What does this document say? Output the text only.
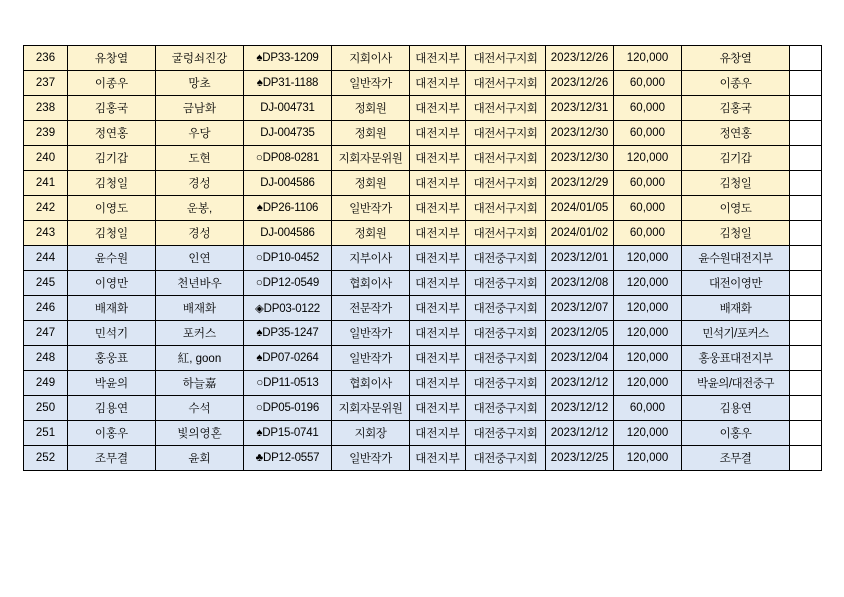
236	유창열	굴렁쇠진강	♠DP33-1209	지회이사	대전지부	대전서구지회	2023/12/26	120,000	유창열	
237	이종우	망초	♠DP31-1188	일반작가	대전지부	대전서구지회	2023/12/26	60,000	이종우	
238	김홍국	금남화	DJ-004731	정회원	대전지부	대전서구지회	2023/12/31	60,000	김홍국	
239	정연홍	우당	DJ-004735	정회원	대전지부	대전서구지회	2023/12/30	60,000	정연홍	
240	김기갑	도현	○DP08-0281	지회자문위원	대전지부	대전서구지회	2023/12/30	120,000	김기갑	
241	김청일	경성	DJ-004586	정회원	대전지부	대전서구지회	2023/12/29	60,000	김청일	
242	이영도	운봉,	♠DP26-1106	일반작가	대전지부	대전서구지회	2024/01/05	60,000	이영도	
243	김청일	경성	DJ-004586	정회원	대전지부	대전서구지회	2024/01/02	60,000	김청일	
244	윤수원	인연	○DP10-0452	지부이사	대전지부	대전중구지회	2023/12/01	120,000	윤수원대전지부	
245	이영만	천년바우	○DP12-0549	협회이사	대전지부	대전중구지회	2023/12/08	120,000	대전이영만	
246	배재화	배재화	◈DP03-0122	전문작가	대전지부	대전중구지회	2023/12/07	120,000	배재화	
247	민석기	포커스	♠DP35-1247	일반작가	대전지부	대전중구지회	2023/12/05	120,000	민석기/포커스	
248	홍웅표	紅, goon	♠DP07-0264	일반작가	대전지부	대전중구지회	2023/12/04	120,000	홍웅표대전지부	
249	박윤의	하늘嘉	○DP11-0513	협회이사	대전지부	대전중구지회	2023/12/12	120,000	박윤의/대전중구	
250	김용연	수석	○DP05-0196	지회자문위원	대전지부	대전중구지회	2023/12/12	60,000	김용연	
251	이홍우	빛의영혼	♠DP15-0741	지회장	대전지부	대전중구지회	2023/12/12	120,000	이홍우	
252	조무결	윤회	♣DP12-0557	일반작가	대전지부	대전중구지회	2023/12/25	120,000	조무결	
